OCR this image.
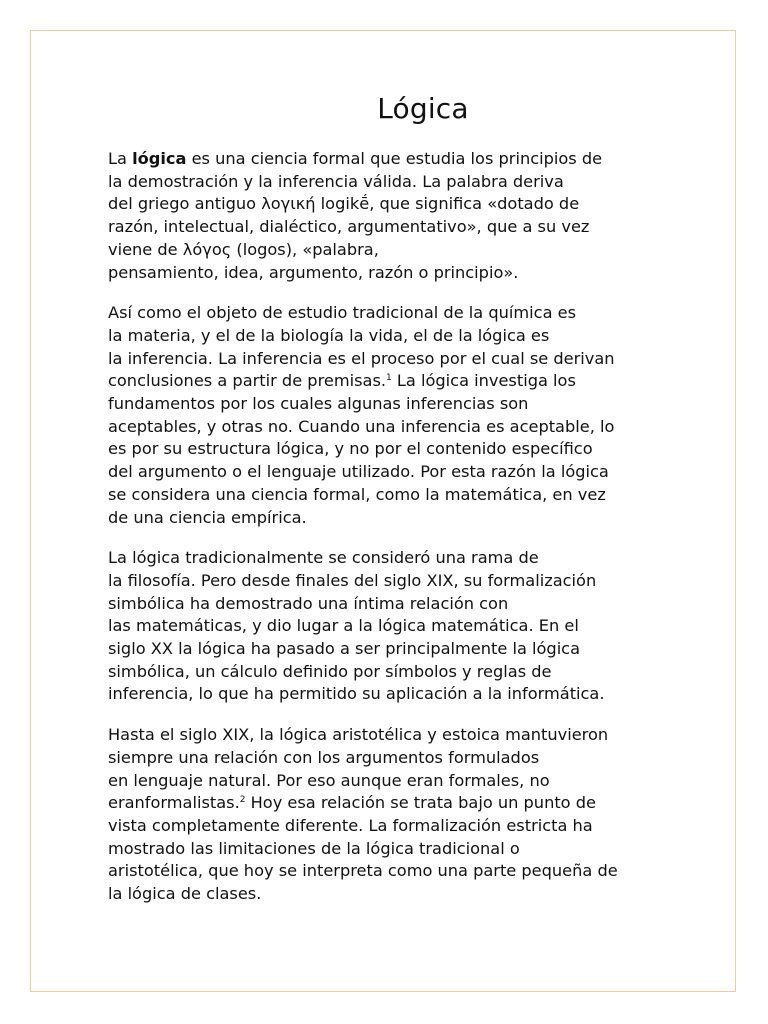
Lógica

La lógica es una ciencia formal que estudia los principios de
la demostración y la inferencia válida. La palabra deriva
del griego antiguo λογική logikḗ, que significa «dotado de
razón, intelectual, dialéctico, argumentativo», que a su vez
viene de λόγος (logos), «palabra,
pensamiento, idea, argumento, razón o principio».

Así como el objeto de estudio tradicional de la química es
la materia, y el de la biología la vida, el de la lógica es
la inferencia. La inferencia es el proceso por el cual se derivan
conclusiones a partir de premisas.$^1$ La lógica investiga los
fundamentos por los cuales algunas inferencias son
aceptables, y otras no. Cuando una inferencia es aceptable, lo
es por su estructura lógica, y no por el contenido específico
del argumento o el lenguaje utilizado. Por esta razón la lógica
se considera una ciencia formal, como la matemática, en vez
de una ciencia empírica.

La lógica tradicionalmente se consideró una rama de
la filosofía. Pero desde finales del siglo XIX, su formalización
simbólica ha demostrado una íntima relación con
las matemáticas, y dio lugar a la lógica matemática. En el
siglo XX la lógica ha pasado a ser principalmente la lógica
simbólica, un cálculo definido por símbolos y reglas de
inferencia, lo que ha permitido su aplicación a la informática.

Hasta el siglo XIX, la lógica aristotélica y estoica mantuvieron
siempre una relación con los argumentos formulados
en lenguaje natural. Por eso aunque eran formales, no
eranformalistas.$^2$ Hoy esa relación se trata bajo un punto de
vista completamente diferente. La formalización estricta ha
mostrado las limitaciones de la lógica tradicional o
aristotélica, que hoy se interpreta como una parte pequeña de
la lógica de clases.
